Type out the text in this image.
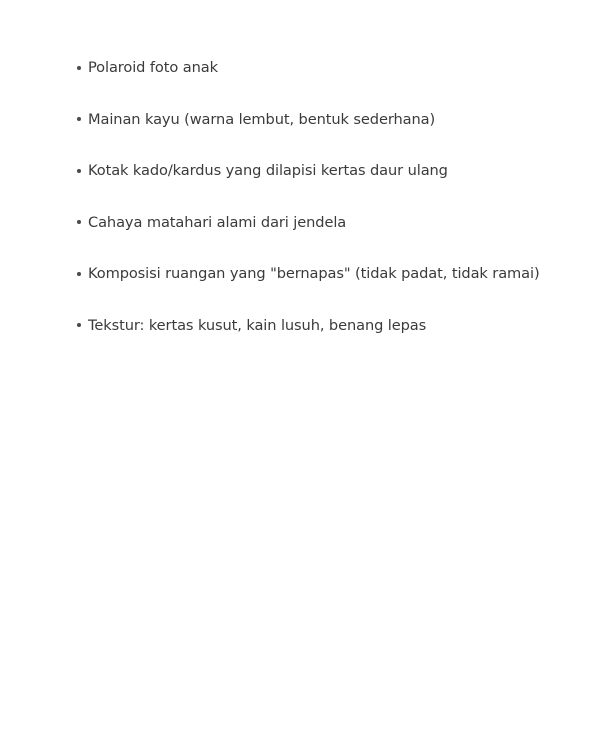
Polaroid foto anak
Mainan kayu (warna lembut, bentuk sederhana)
Kotak kado/kardus yang dilapisi kertas daur ulang
Cahaya matahari alami dari jendela
Komposisi ruangan yang "bernapas" (tidak padat, tidak ramai)
Tekstur: kertas kusut, kain lusuh, benang lepas
